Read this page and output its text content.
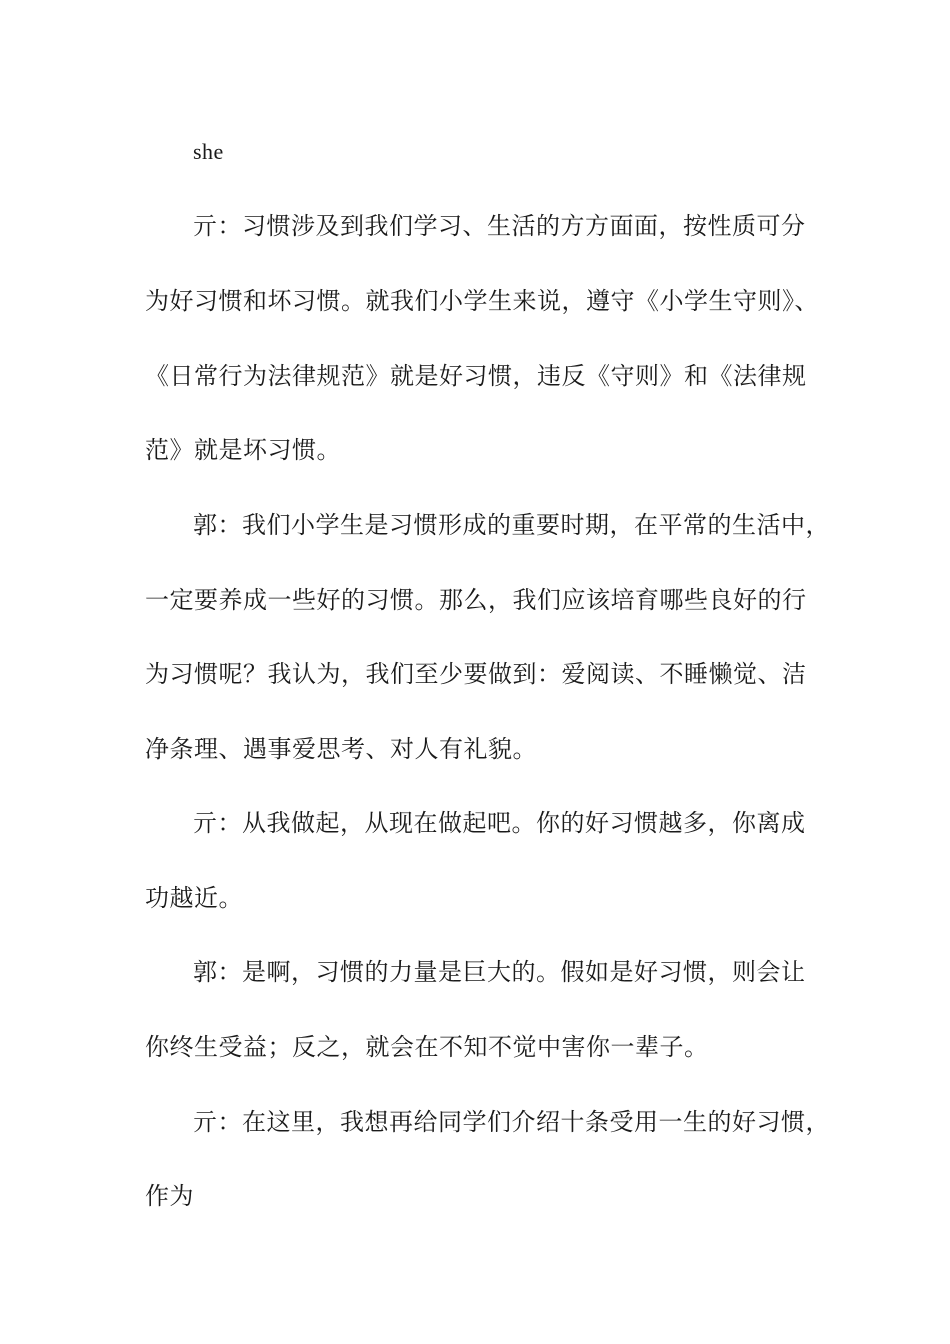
she
亓：习惯涉及到我们学习、生活的方方面面，按性质可分
为好习惯和坏习惯。就我们小学生来说，遵守《小学生守则》、
《日常行为法律规范》就是好习惯，违反《守则》和《法律规
范》就是坏习惯。
郭：我们小学生是习惯形成的重要时期，在平常的生活中，
一定要养成一些好的习惯。那么，我们应该培育哪些良好的行
为习惯呢？我认为，我们至少要做到：爱阅读、不睡懒觉、洁
净条理、遇事爱思考、对人有礼貌。
亓：从我做起，从现在做起吧。你的好习惯越多，你离成
功越近。
郭：是啊，习惯的力量是巨大的。假如是好习惯，则会让
你终生受益；反之，就会在不知不觉中害你一辈子。
亓：在这里，我想再给同学们介绍十条受用一生的好习惯，
作为
